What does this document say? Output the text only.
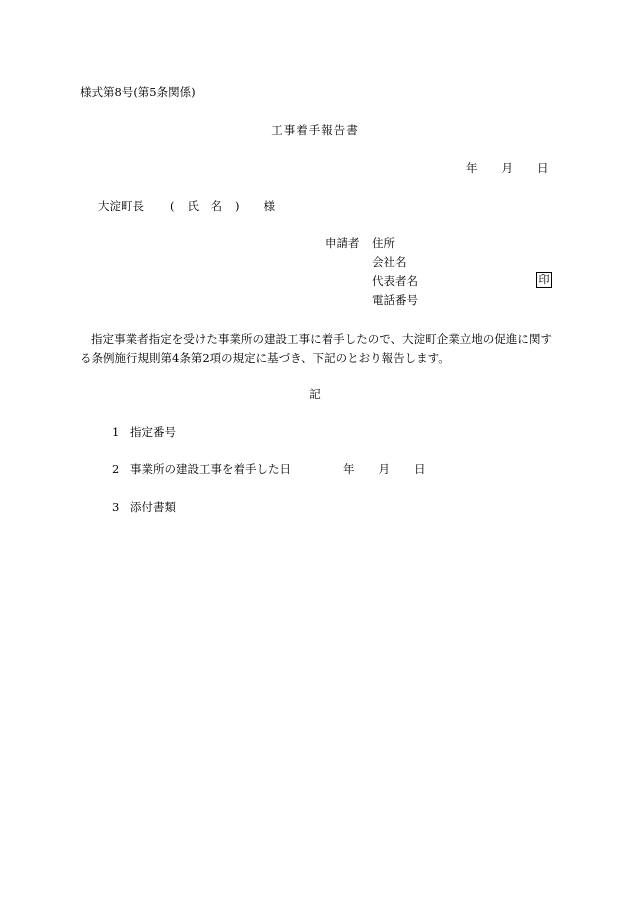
様式第8号(第5条関係)
工事着手報告書
年 月 日
大淀町長 ( 氏　名 ) 様
申請者 住所
会社名
代表者名	印
電話番号
指定事業者指定を受けた事業所の建設工事に着手したので、大淀町企業立地の促進に関する条例施行規則第4条第2項の規定に基づき、下記のとおり報告します。
記
1 指定番号
2 事業所の建設工事を着手した日	年 月 日
3 添付書類
